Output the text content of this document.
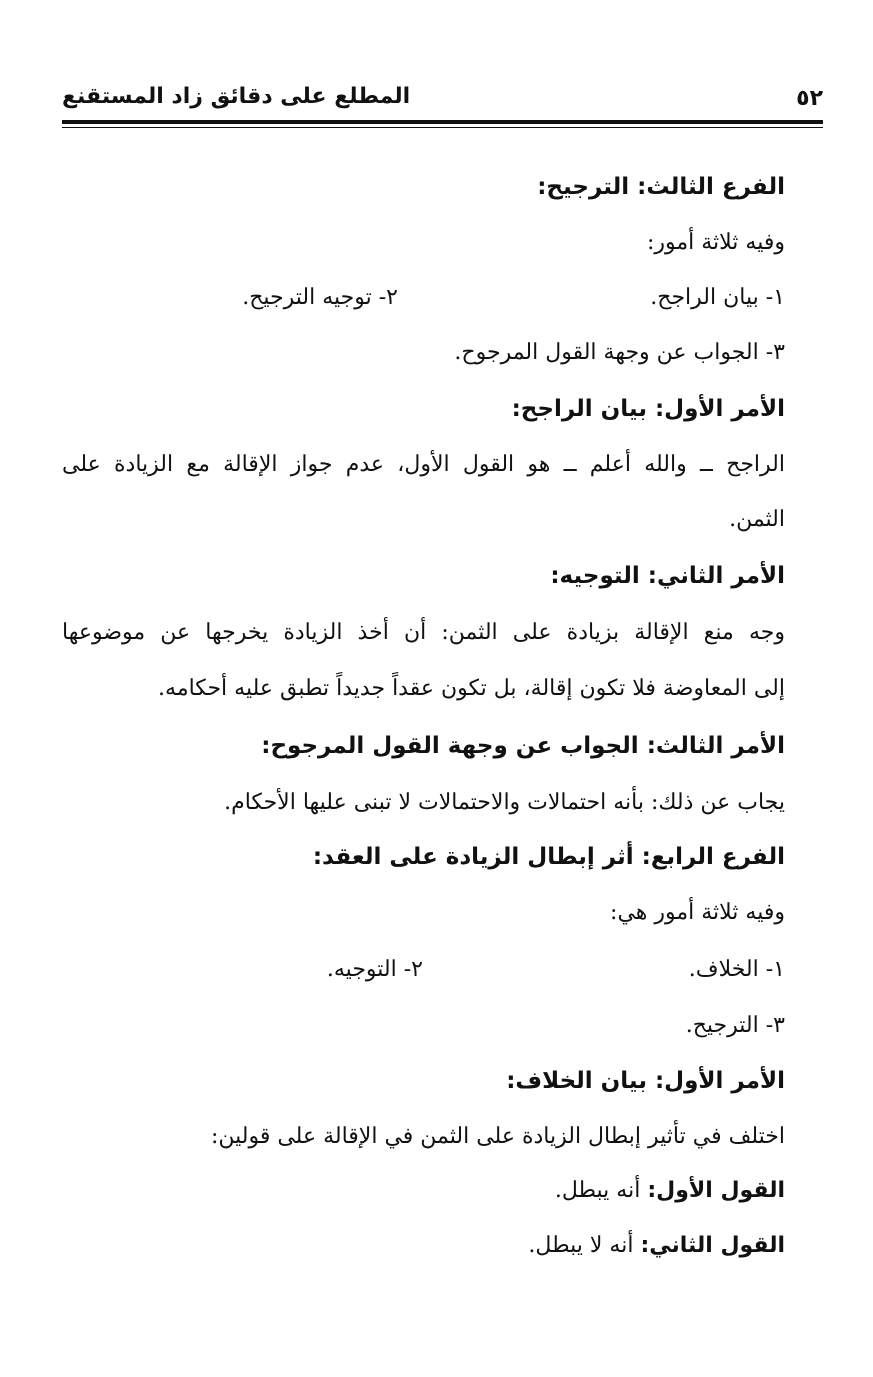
٥٢
المطلع على دقائق زاد المستقنع
الفرع الثالث: الترجيح:
وفيه ثلاثة أمور:
١- بيان الراجح.
٢- توجيه الترجيح.
٣- الجواب عن وجهة القول المرجوح.
الأمر الأول: بيان الراجح:
الراجح ــ والله أعلم ــ هو القول الأول، عدم جواز الإقالة مع الزيادة على
الثمن.
الأمر الثاني: التوجيه:
وجه منع الإقالة بزيادة على الثمن: أن أخذ الزيادة يخرجها عن موضوعها
إلى المعاوضة فلا تكون إقالة، بل تكون عقداً جديداً تطبق عليه أحكامه.
الأمر الثالث: الجواب عن وجهة القول المرجوح:
يجاب عن ذلك: بأنه احتمالات والاحتمالات لا تبنى عليها الأحكام.
الفرع الرابع: أثر إبطال الزيادة على العقد:
وفيه ثلاثة أمور هي:
١- الخلاف.
٢- التوجيه.
٣- الترجيح.
الأمر الأول: بيان الخلاف:
اختلف في تأثير إبطال الزيادة على الثمن في الإقالة على قولين:
القول الأول: أنه يبطل.
القول الثاني: أنه لا يبطل.
